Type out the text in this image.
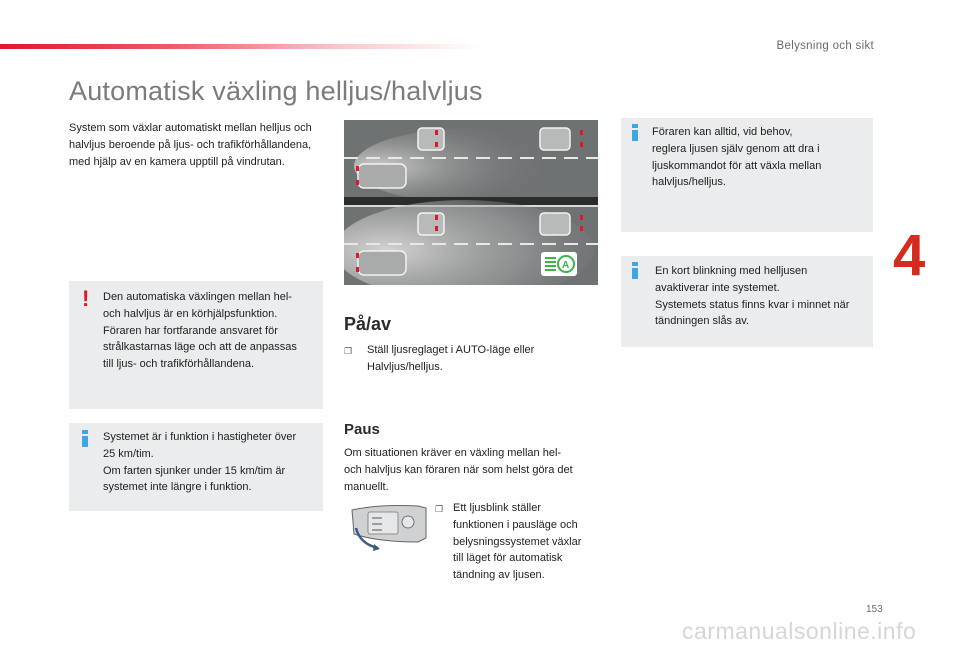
Belysning och sikt
4
Automatisk växling helljus/halvljus

System som växlar automatiskt mellan helljus och halvljus beroende på ljus- och trafikförhållandena, med hjälp av en kamera upptill på vindrutan.

Den automatiska växlingen mellan hel-
och halvljus är en körhjälpsfunktion.
Föraren har fortfarande ansvaret för
strålkastarnas läge och att de anpassas
till ljus- och trafikförhållandena.

!

Systemet är i funktion i hastigheter över
25 km/tim.
Om farten sjunker under 15 km/tim är
systemet inte längre i funktion.

A
På/av
❐ Ställ ljusreglaget i AUTO-läge eller
Halvljus/helljus.

Paus

Om situationen kräver en växling mellan hel-
och halvljus kan föraren när som helst göra det
manuellt.

❐ Ett ljusblink ställer
funktionen i pausläge och
belysningssystemet växlar
till läget för automatisk
tändning av ljusen.

Föraren kan alltid, vid behov,
reglera ljusen själv genom att dra i
ljuskommandot för att växla mellan
halvljus/helljus.

En kort blinkning med helljusen
avaktiverar inte systemet.
Systemets status finns kvar i minnet när
tändningen slås av.

153
carmanualsonline.info
